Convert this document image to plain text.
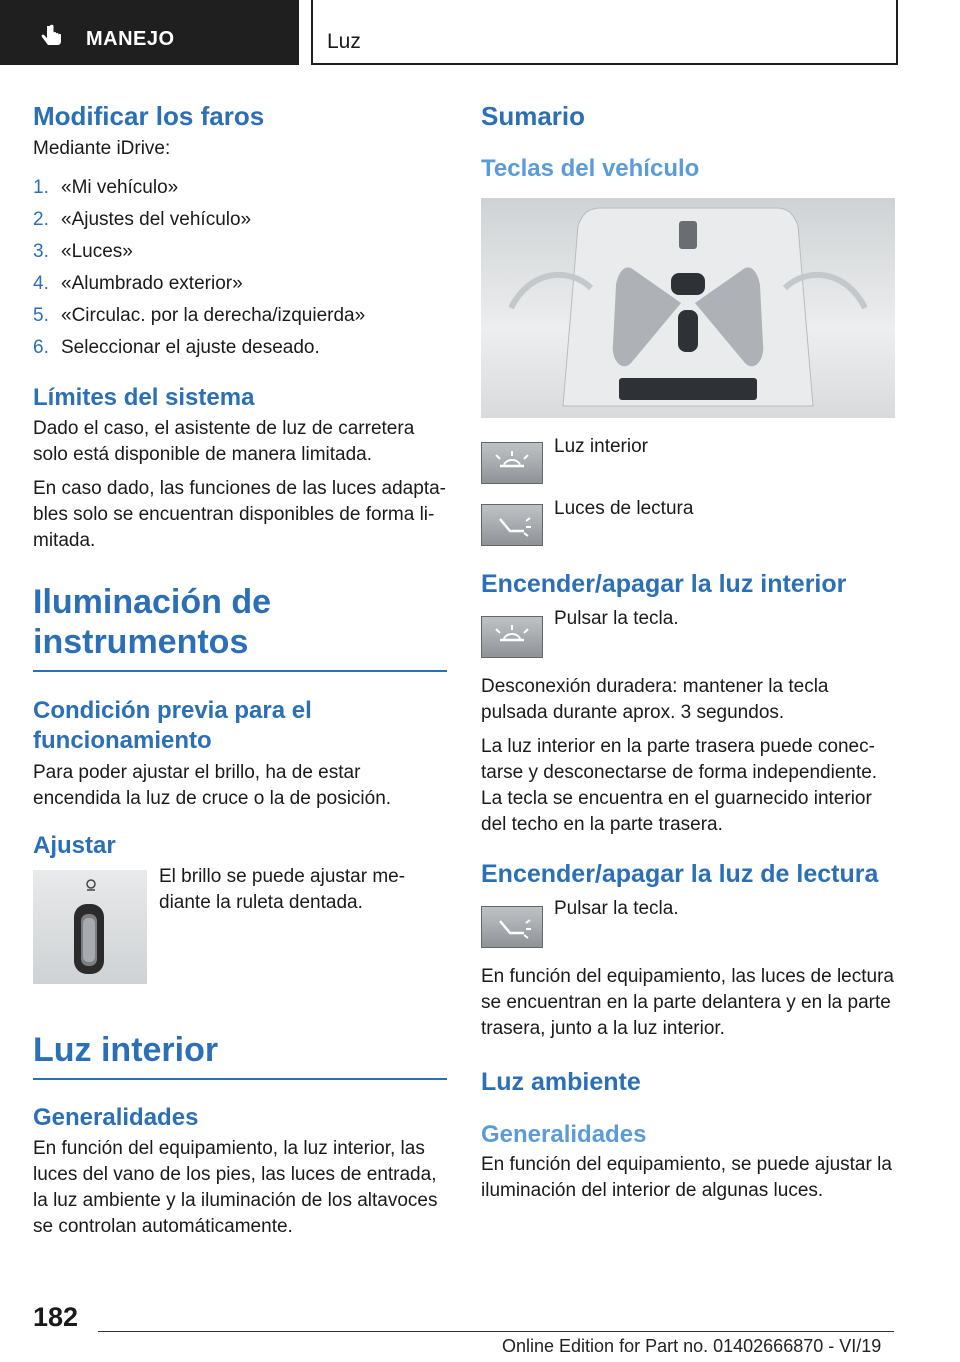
MANEJO	Luz
Modificar los faros

Mediante iDrive:

1. «Mi vehículo»
2. «Ajustes del vehículo»
3. «Luces»
4. «Alumbrado exterior»
5. «Circulac. por la derecha/izquierda»
6. Seleccionar el ajuste deseado.
Límites del sistema

Dado el caso, el asistente de luz de carretera solo está disponible de manera limitada.

En caso dado, las funciones de las luces adaptables solo se encuentran disponibles de forma limitada.

Iluminación de instrumentos
Condición previa para el funcionamiento

Para poder ajustar el brillo, ha de estar encendida la luz de cruce o la de posición.

Ajustar

El brillo se puede ajustar mediante la ruleta dentada.

Luz interior
Generalidades

En función del equipamiento, la luz interior, las luces del vano de los pies, las luces de entrada, la luz ambiente y la iluminación de los altavoces se controlan automáticamente.

Sumario
Teclas del vehículo
Luz interior
Luces de lectura
Encender/apagar la luz interior
Pulsar la tecla.

Desconexión duradera: mantener la tecla pulsada durante aprox. 3 segundos.

La luz interior en la parte trasera puede conectarse y desconectarse de forma independiente. La tecla se encuentra en el guarnecido interior del techo en la parte trasera.

Encender/apagar la luz de lectura
Pulsar la tecla.

En función del equipamiento, las luces de lectura se encuentran en la parte delantera y en la parte trasera, junto a la luz interior.

Luz ambiente
Generalidades

En función del equipamiento, se puede ajustar la iluminación del interior de algunas luces.

182
Online Edition for Part no. 01402666870 - VI/19
